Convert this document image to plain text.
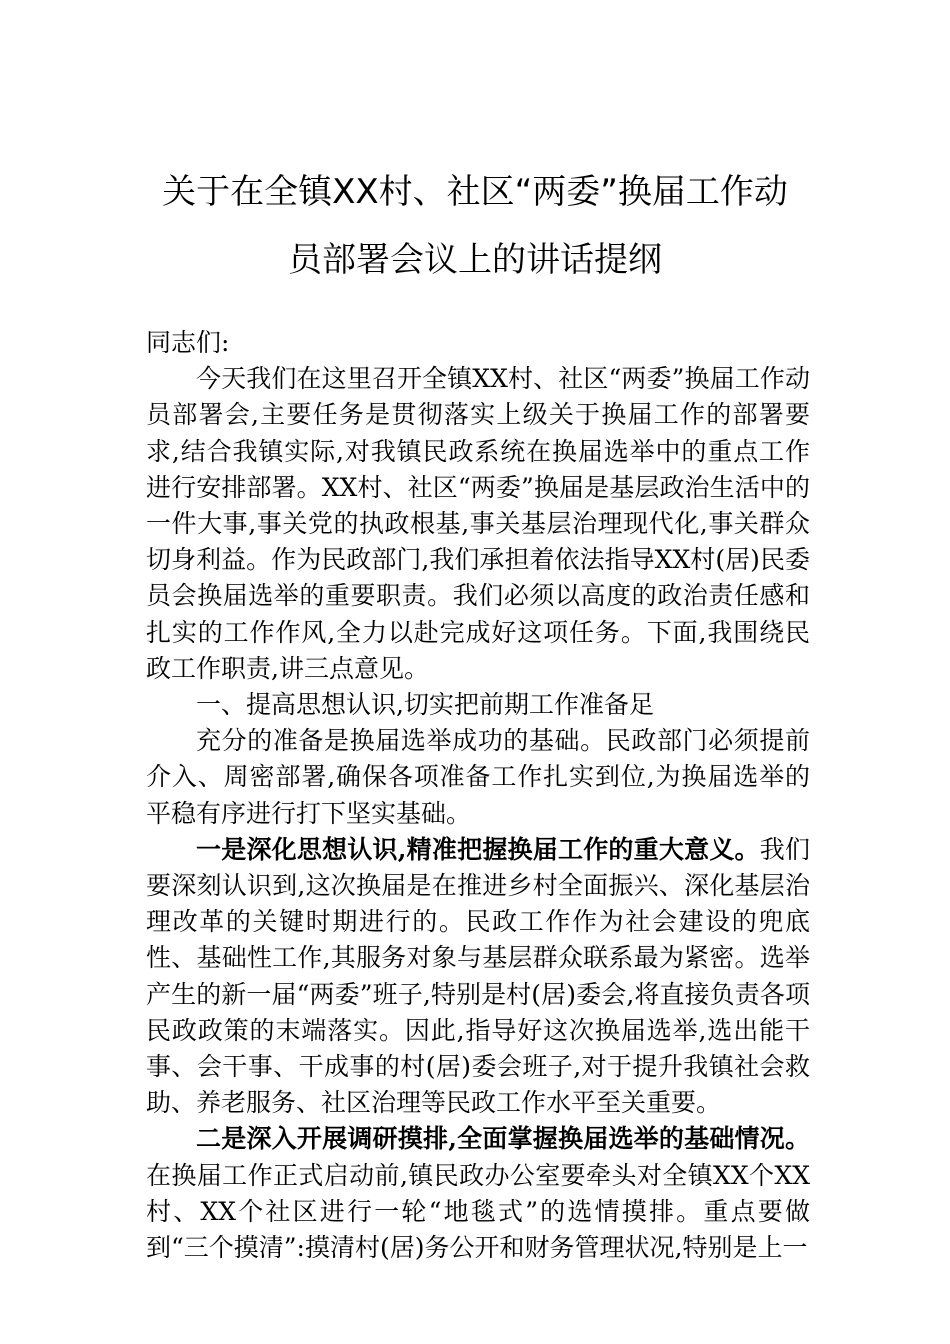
关于在全镇XX村、社区“两委”换届工作动
员部署会议上的讲话提纲

同志们:

今天我们在这里召开全镇XX村、社区“两委”换届工作动员部署会,主要任务是贯彻落实上级关于换届工作的部署要求,结合我镇实际,对我镇民政系统在换届选举中的重点工作进行安排部署。XX村、社区“两委”换届是基层政治生活中的一件大事,事关党的执政根基,事关基层治理现代化,事关群众切身利益。作为民政部门,我们承担着依法指导XX村(居)民委员会换届选举的重要职责。我们必须以高度的政治责任感和扎实的工作作风,全力以赴完成好这项任务。下面,我围绕民政工作职责,讲三点意见。

一、提高思想认识,切实把前期工作准备足

充分的准备是换届选举成功的基础。民政部门必须提前介入、周密部署,确保各项准备工作扎实到位,为换届选举的平稳有序进行打下坚实基础。

一是深化思想认识,精准把握换届工作的重大意义。我们要深刻认识到,这次换届是在推进乡村全面振兴、深化基层治理改革的关键时期进行的。民政工作作为社会建设的兜底性、基础性工作,其服务对象与基层群众联系最为紧密。选举产生的新一届“两委”班子,特别是村(居)委会,将直接负责各项民政政策的末端落实。因此,指导好这次换届选举,选出能干事、会干事、干成事的村(居)委会班子,对于提升我镇社会救助、养老服务、社区治理等民政工作水平至关重要。

二是深入开展调研摸排,全面掌握换届选举的基础情况。在换届工作正式启动前,镇民政办公室要牵头对全镇XX个XX村、XX个社区进行一轮“地毯式”的选情摸排。重点要做到“三个摸清”:摸清村(居)务公开和财务管理状况,特别是上一
